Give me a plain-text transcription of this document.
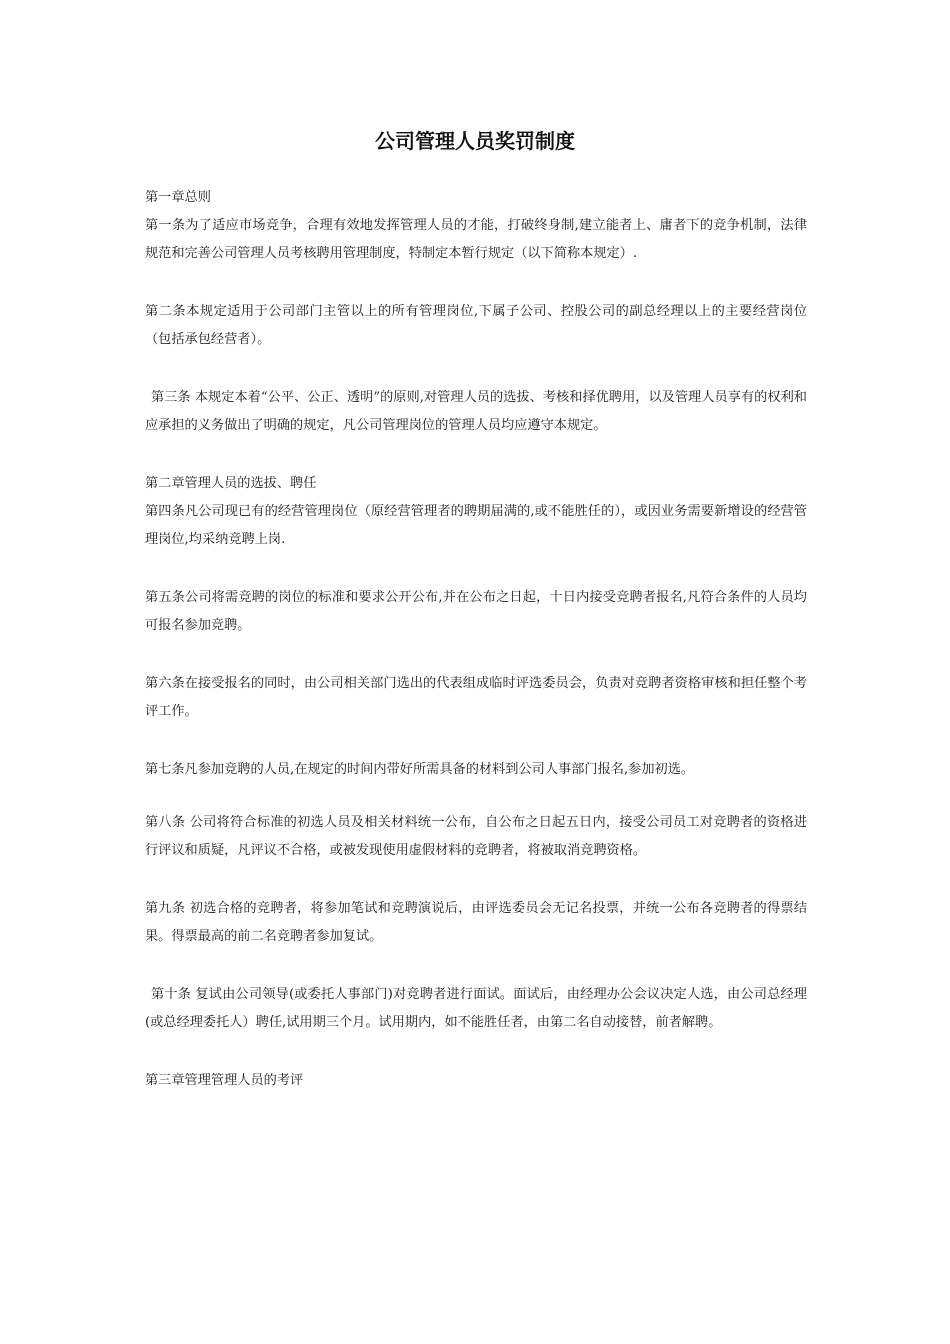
公司管理人员奖罚制度

第一章总则

第一条为了适应市场竞争，合理有效地发挥管理人员的才能，打破终身制,建立能者上、庸者下的竞争机制，法律规范和完善公司管理人员考核聘用管理制度，特制定本暂行规定（以下简称本规定）.

第二条本规定适用于公司部门主管以上的所有管理岗位,下属子公司、控股公司的副总经理以上的主要经营岗位（包括承包经营者）。

第三条 本规定本着“公平、公正、透明”的原则,对管理人员的选拔、考核和择优聘用，以及管理人员享有的权利和应承担的义务做出了明确的规定，凡公司管理岗位的管理人员均应遵守本规定。

第二章管理人员的选拔、聘任

第四条凡公司现已有的经营管理岗位（原经营管理者的聘期届满的,或不能胜任的），或因业务需要新增设的经营管理岗位,均采纳竞聘上岗.

第五条公司将需竞聘的岗位的标准和要求公开公布,并在公布之日起，十日内接受竞聘者报名,凡符合条件的人员均可报名参加竞聘。

第六条在接受报名的同时，由公司相关部门选出的代表组成临时评选委员会，负责对竞聘者资格审核和担任整个考评工作。

第七条凡参加竞聘的人员,在规定的时间内带好所需具备的材料到公司人事部门报名,参加初选。

第八条 公司将符合标准的初选人员及相关材料统一公布，自公布之日起五日内，接受公司员工对竞聘者的资格进行评议和质疑，凡评议不合格，或被发现使用虚假材料的竞聘者，将被取消竞聘资格。

第九条 初选合格的竞聘者，将参加笔试和竞聘演说后，由评选委员会无记名投票，并统一公布各竞聘者的得票结果。得票最高的前二名竞聘者参加复试。

第十条 复试由公司领导(或委托人事部门)对竞聘者进行面试。面试后，由经理办公会议决定人选，由公司总经理(或总经理委托人）聘任,试用期三个月。试用期内，如不能胜任者，由第二名自动接替，前者解聘。

第三章管理管理人员的考评
